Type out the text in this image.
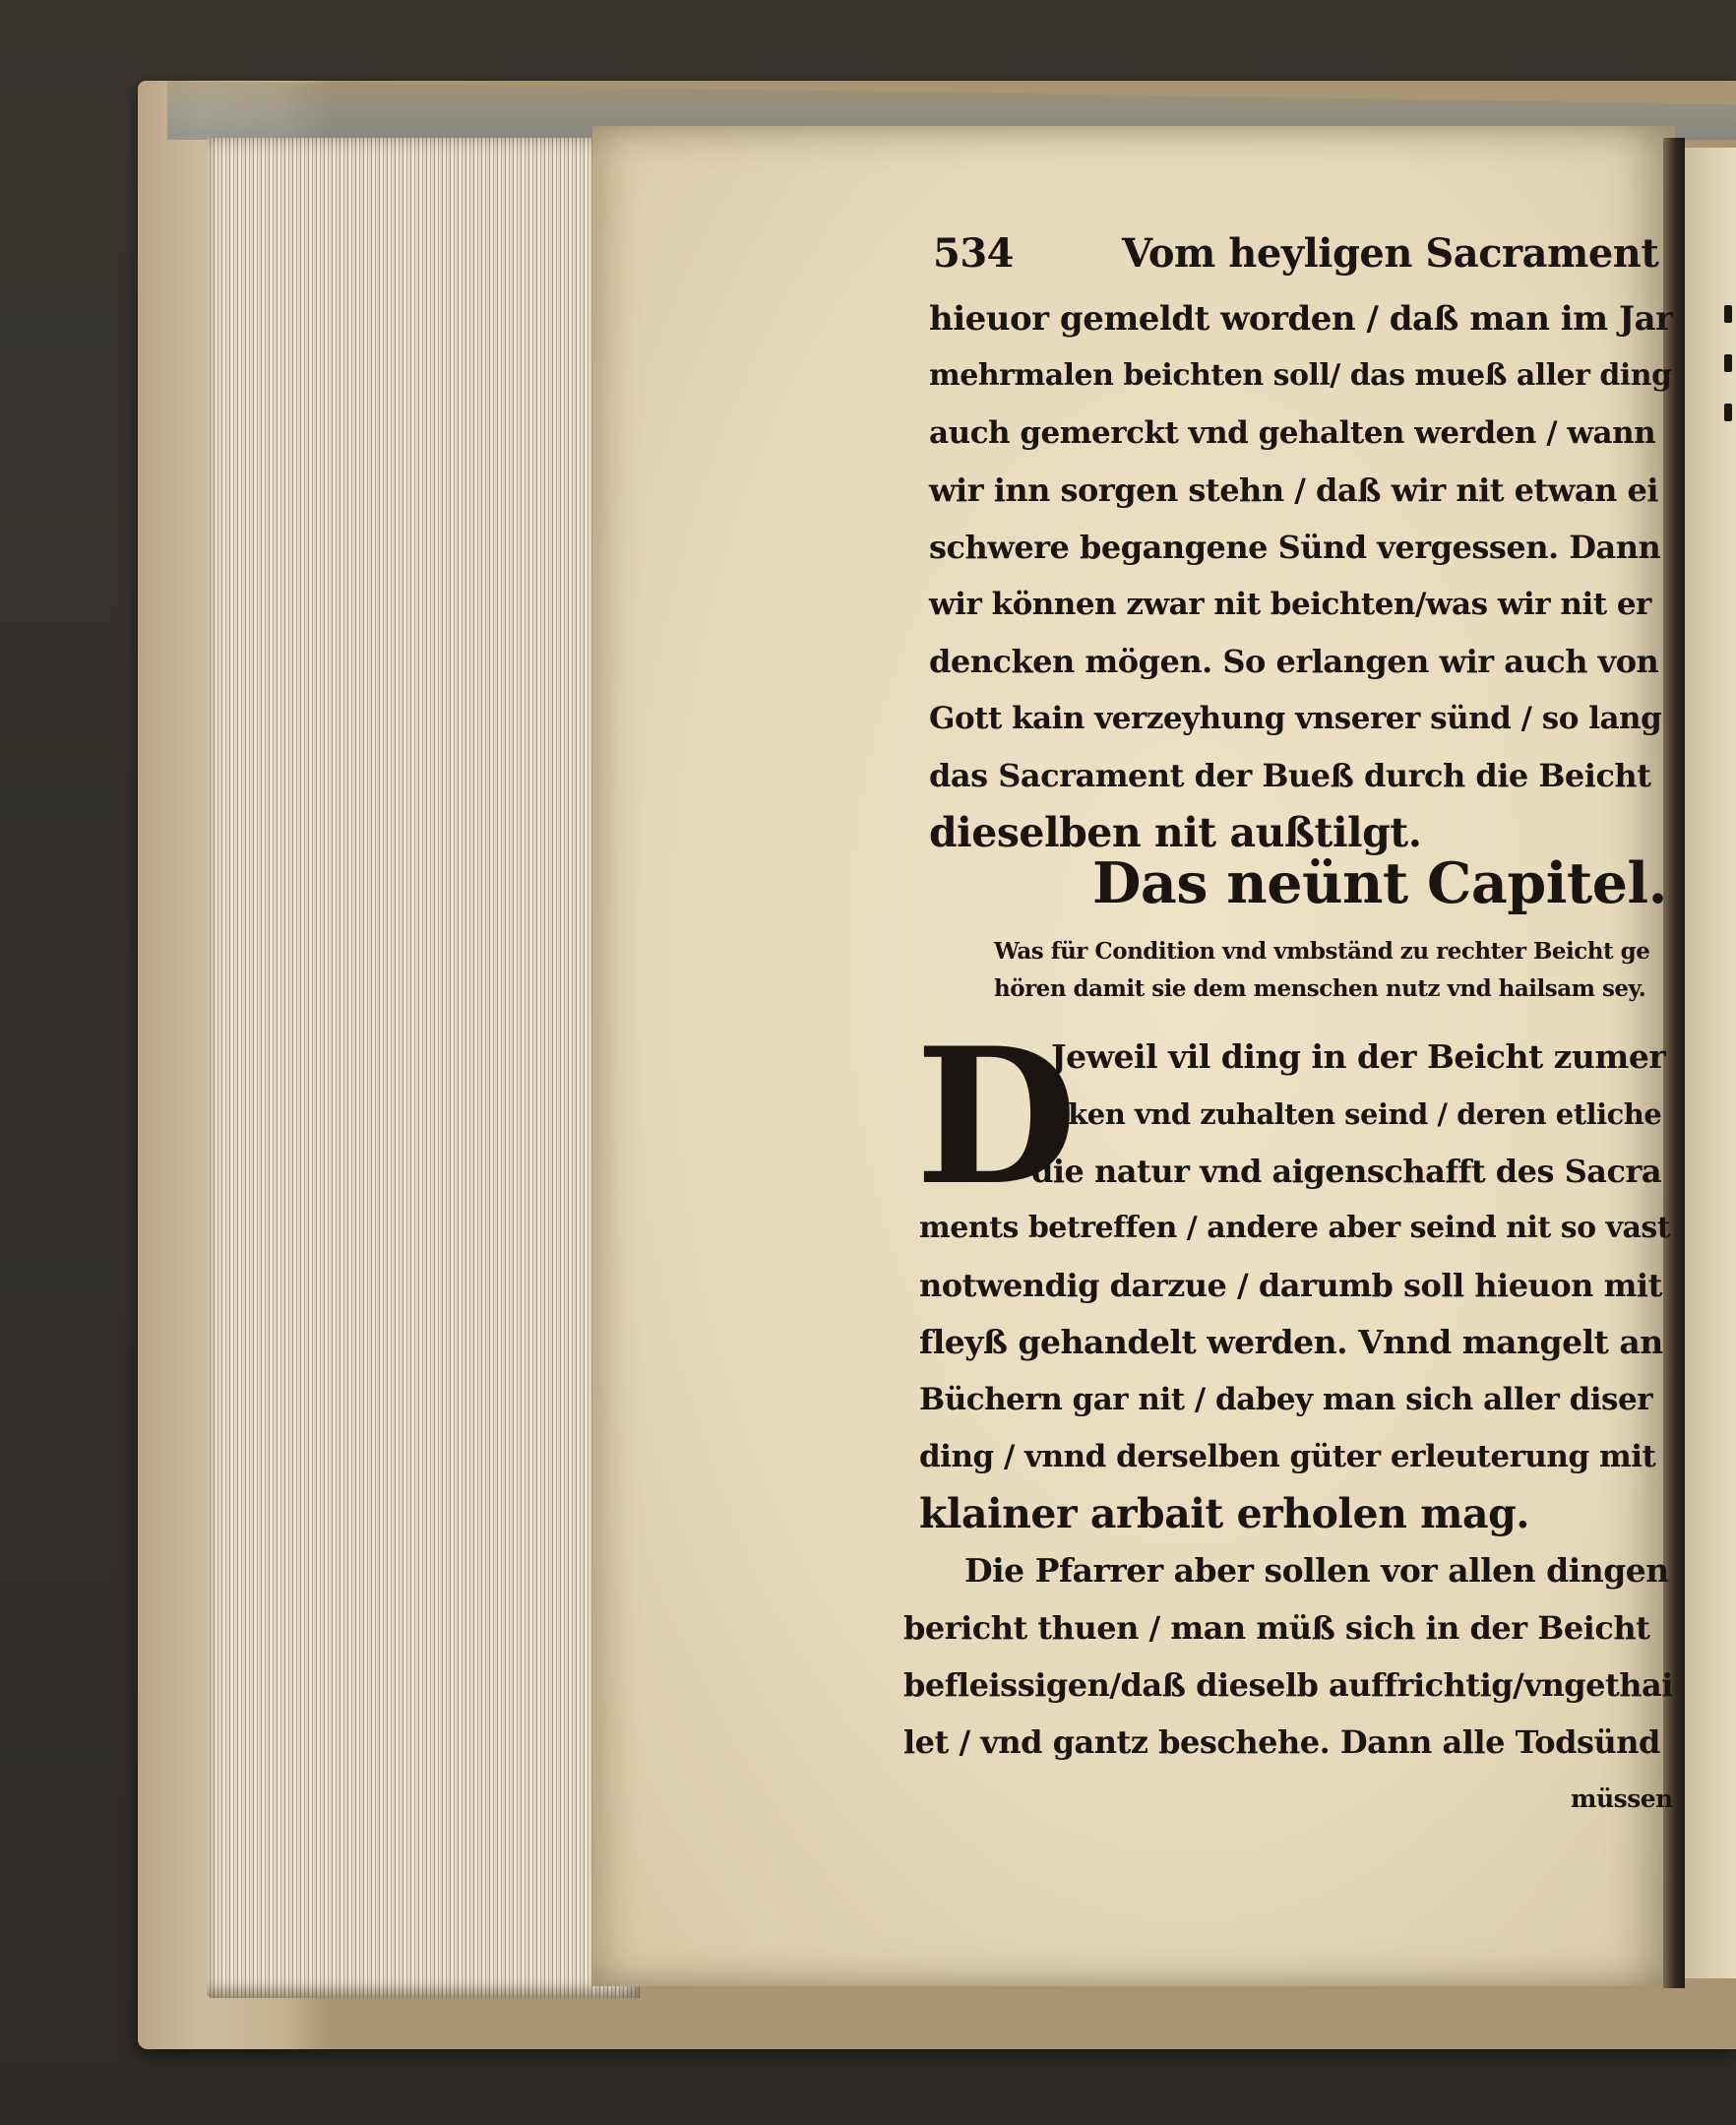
534	Vom heyligen Sacrament
hieuor gemeldt worden / daß man im Jar
mehrmalen beichten soll/ das mueß aller ding
auch gemerckt vnd gehalten werden / wann
wir inn sorgen stehn / daß wir nit etwan ei
schwere begangene Sünd vergessen. Dann
wir können zwar nit beichten/was wir nit er
dencken mögen. So erlangen wir auch von
Gott kain verzeyhung vnserer sünd / so lang
das Sacrament der Bueß durch die Beicht
dieselben nit außtilgt.
Das neünt Capitel.
Was für Condition vnd vmbständ zu rechter Beicht ge
hören damit sie dem menschen nutz vnd hailsam sey.
D
Jeweil vil ding in der Beicht zumer
cken vnd zuhalten seind / deren etliche
die natur vnd aigenschafft des Sacra
ments betreffen / andere aber seind nit so vast
notwendig darzue / darumb soll hieuon mit
fleyß gehandelt werden. Vnnd mangelt an
Büchern gar nit / dabey man sich aller diser
ding / vnnd derselben güter erleuterung mit
klainer arbait erholen mag.
Die Pfarrer aber sollen vor allen dingen
bericht thuen / man müß sich in der Beicht
befleissigen/daß dieselb auffrichtig/vngethai
let / vnd gantz beschehe. Dann alle Todsünd
müssen
